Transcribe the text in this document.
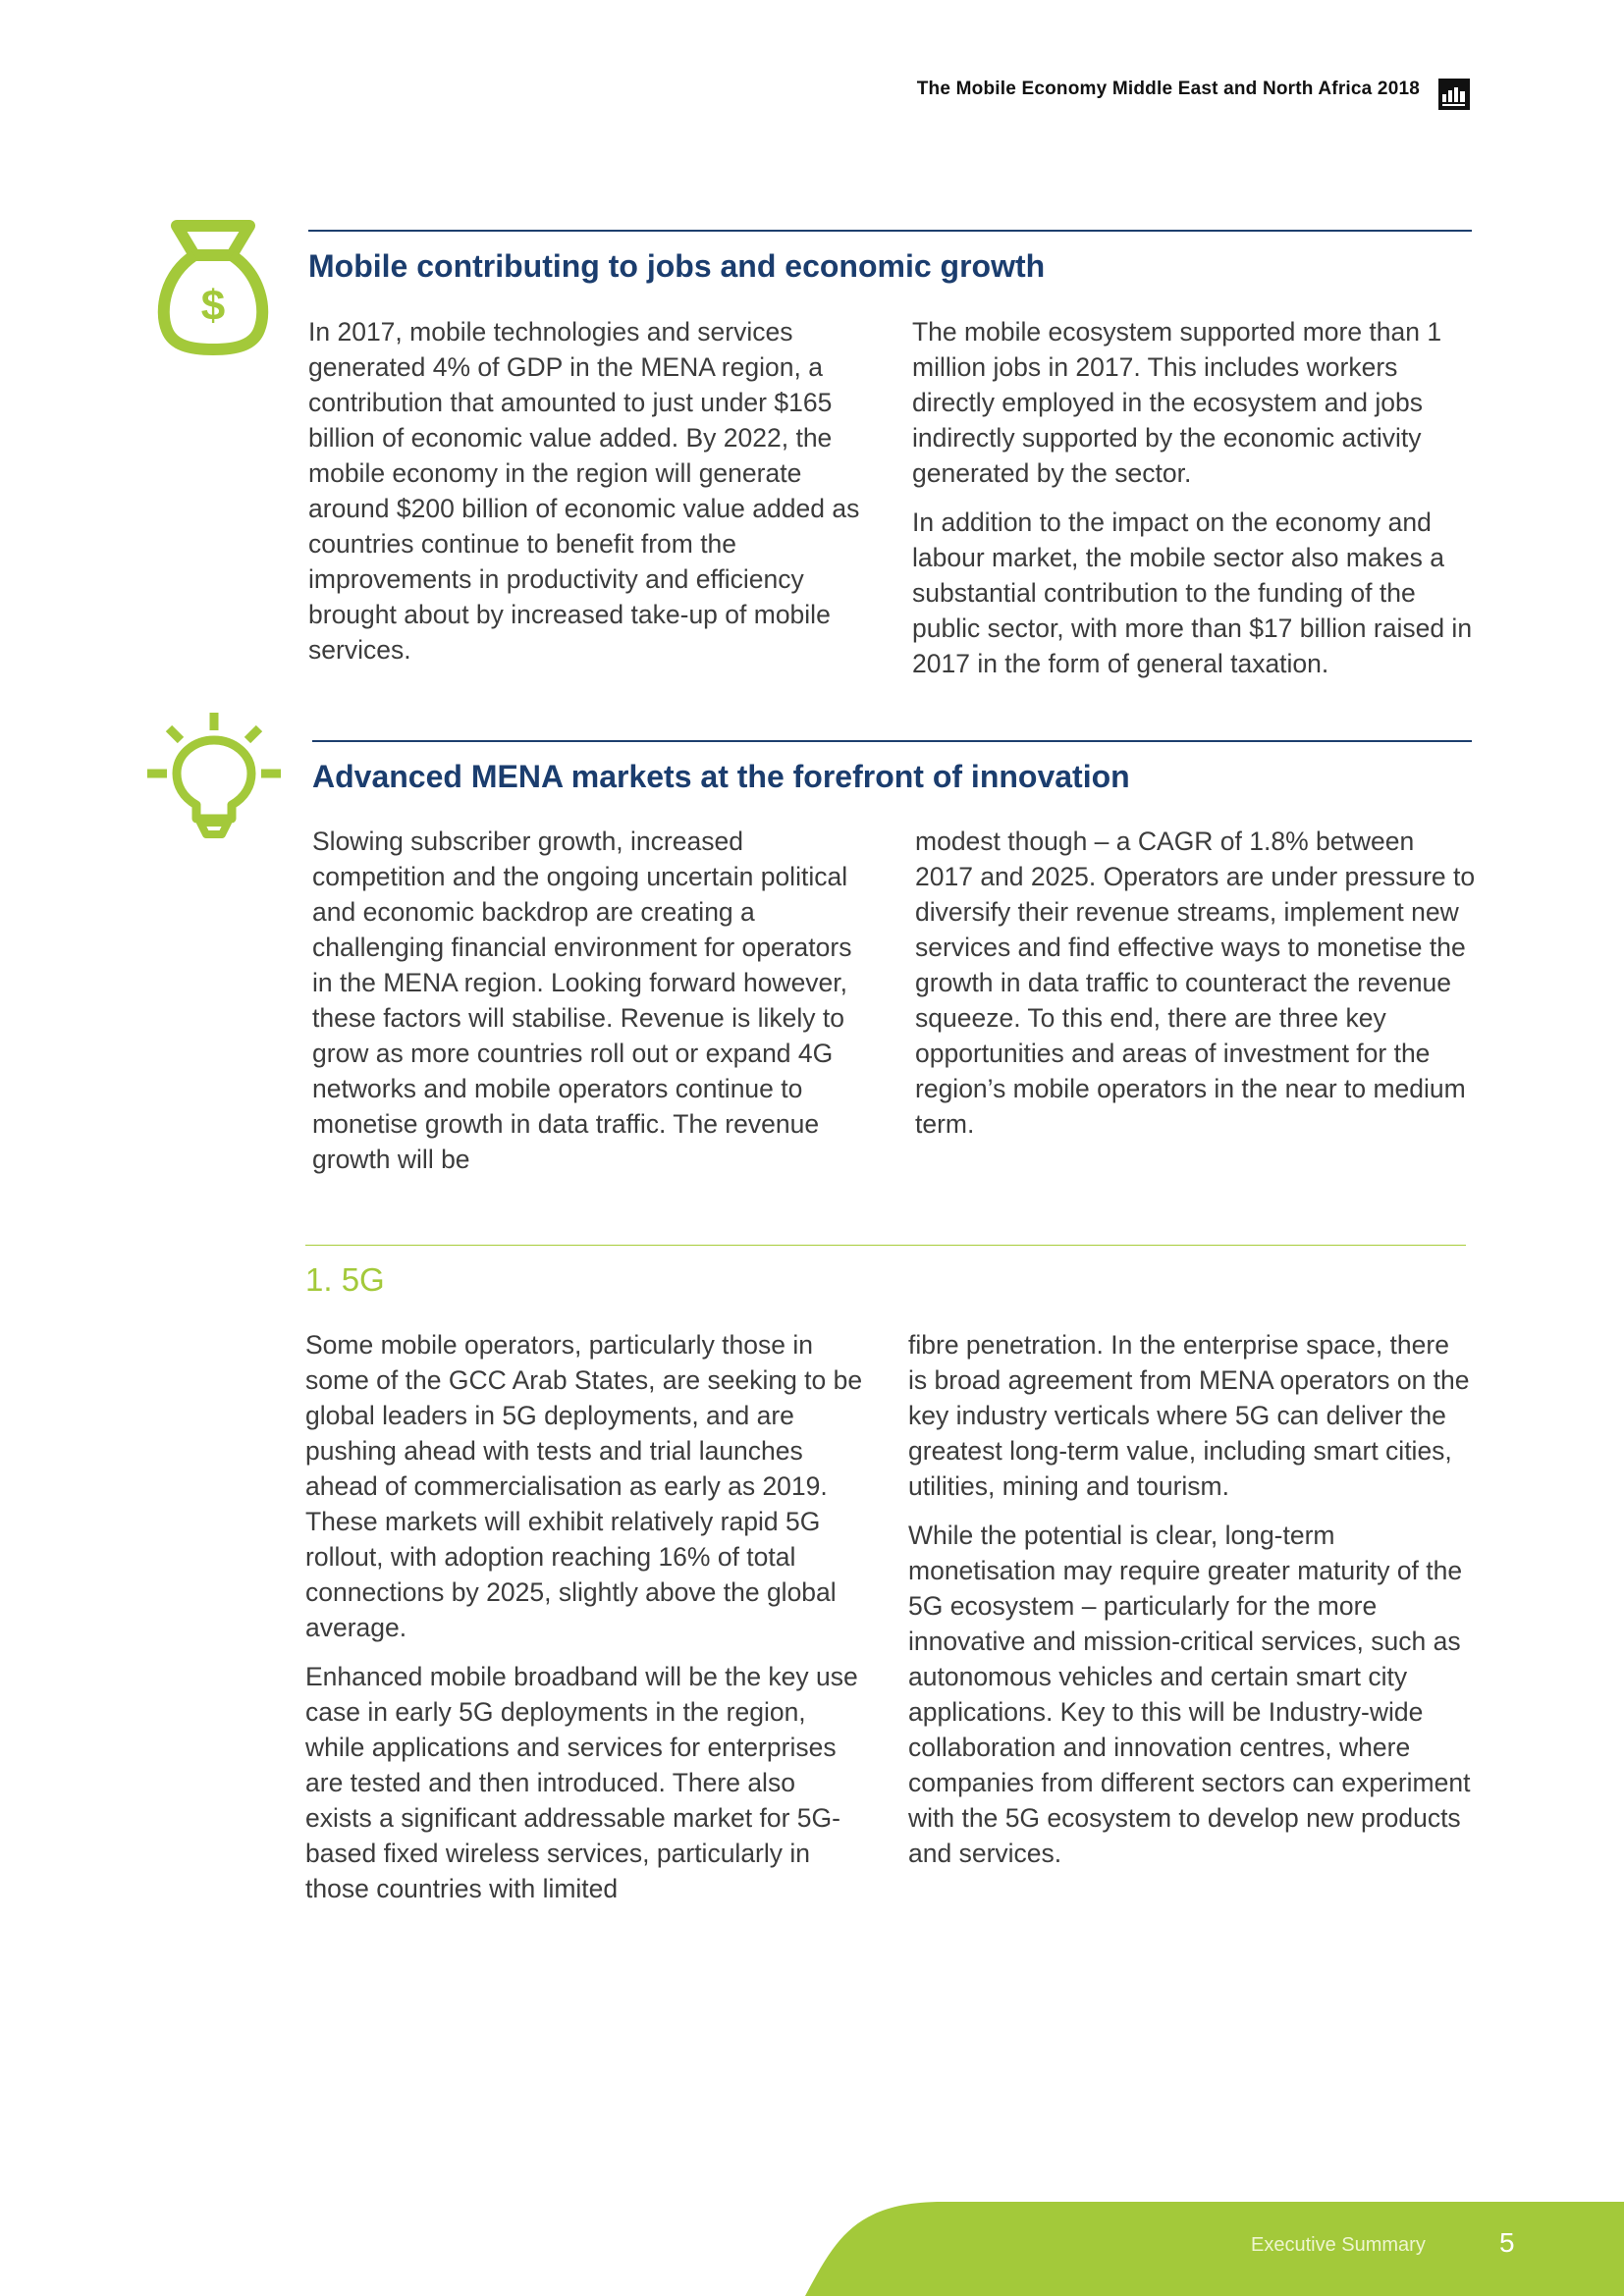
The Mobile Economy Middle East and North Africa 2018
$
Mobile contributing to jobs and economic growth

In 2017, mobile technologies and services generated 4% of GDP in the MENA region, a contribution that amounted to just under $165 billion of economic value added. By 2022, the mobile economy in the region will generate around $200 billion of economic value added as countries continue to benefit from the improvements in productivity and efficiency brought about by increased take-up of mobile services.

The mobile ecosystem supported more than 1 million jobs in 2017. This includes workers directly employed in the ecosystem and jobs indirectly supported by the economic activity generated by the sector.

In addition to the impact on the economy and labour market, the mobile sector also makes a substantial contribution to the funding of the public sector, with more than $17 billion raised in 2017 in the form of general taxation.

Advanced MENA markets at the forefront of innovation

Slowing subscriber growth, increased competition and the ongoing uncertain political and economic backdrop are creating a challenging financial environment for operators in the MENA region. Looking forward however, these factors will stabilise. Revenue is likely to grow as more countries roll out or expand 4G networks and mobile operators continue to monetise growth in data traffic. The revenue growth will be

modest though – a CAGR of 1.8% between 2017 and 2025. Operators are under pressure to diversify their revenue streams, implement new services and find effective ways to monetise the growth in data traffic to counteract the revenue squeeze. To this end, there are three key opportunities and areas of investment for the region’s mobile operators in the near to medium term.

1. 5G

Some mobile operators, particularly those in some of the GCC Arab States, are seeking to be global leaders in 5G deployments, and are pushing ahead with tests and trial launches ahead of commercialisation as early as 2019. These markets will exhibit relatively rapid 5G rollout, with adoption reaching 16% of total connections by 2025, slightly above the global average.

Enhanced mobile broadband will be the key use case in early 5G deployments in the region, while applications and services for enterprises are tested and then introduced. There also exists a significant addressable market for 5G-based fixed wireless services, particularly in those countries with limited

fibre penetration. In the enterprise space, there is broad agreement from MENA operators on the key industry verticals where 5G can deliver the greatest long-term value, including smart cities, utilities, mining and tourism.

While the potential is clear, long-term monetisation may require greater maturity of the 5G ecosystem – particularly for the more innovative and mission-critical services, such as autonomous vehicles and certain smart city applications. Key to this will be Industry-wide collaboration and innovation centres, where companies from different sectors can experiment with the 5G ecosystem to develop new products and services.

Executive Summary	5
